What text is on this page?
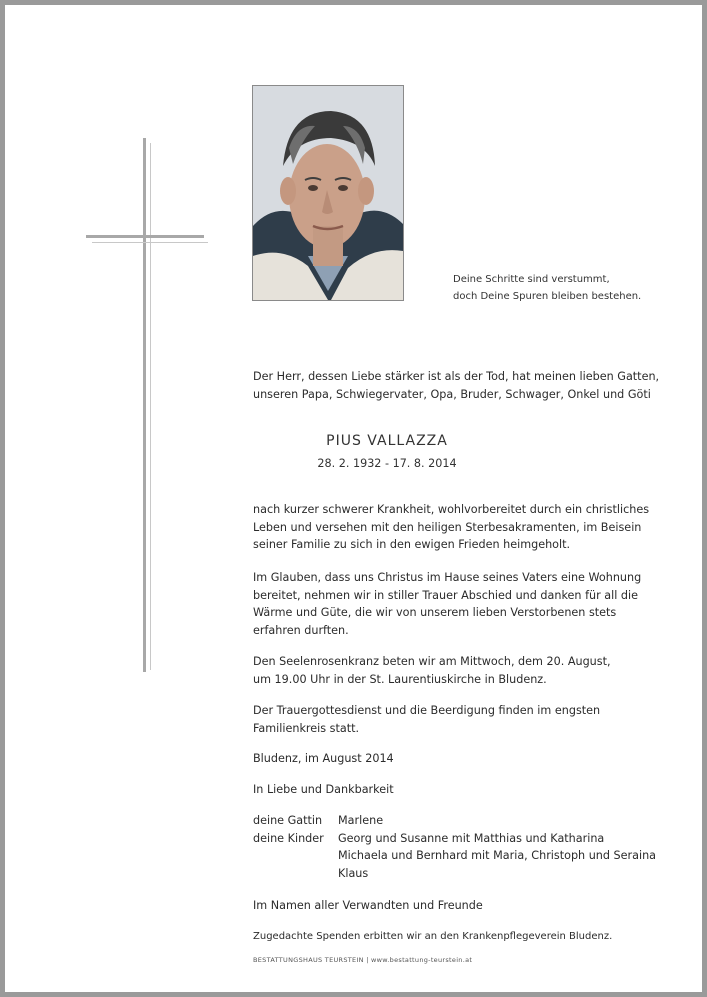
Deine Schritte sind verstummt,
doch Deine Spuren bleiben bestehen.
Der Herr, dessen Liebe stärker ist als der Tod, hat meinen lieben Gatten,
unseren Papa, Schwiegervater, Opa, Bruder, Schwager, Onkel und Göti
PIUS VALLAZZA
28. 2. 1932 - 17. 8. 2014
nach kurzer schwerer Krankheit, wohlvorbereitet durch ein christliches
Leben und versehen mit den heiligen Sterbesakramenten, im Beisein
seiner Familie zu sich in den ewigen Frieden heimgeholt.
Im Glauben, dass uns Christus im Hause seines Vaters eine Wohnung
bereitet, nehmen wir in stiller Trauer Abschied und danken für all die
Wärme und Güte, die wir von unserem lieben Verstorbenen stets
erfahren durften.
Den Seelenrosenkranz beten wir am Mittwoch, dem 20. August,
um 19.00 Uhr in der St. Laurentiuskirche in Bludenz.
Der Trauergottesdienst und die Beerdigung finden im engsten
Familienkreis statt.
Bludenz, im August 2014
In Liebe und Dankbarkeit
deine Gattin	Marlene
deine Kinder	Georg und Susanne mit Matthias und Katharina
Michaela und Bernhard mit Maria, Christoph und Seraina
Klaus
Im Namen aller Verwandten und Freunde
Zugedachte Spenden erbitten wir an den Krankenpflegeverein Bludenz.
BESTATTUNGSHAUS TEURSTEIN | www.bestattung-teurstein.at
